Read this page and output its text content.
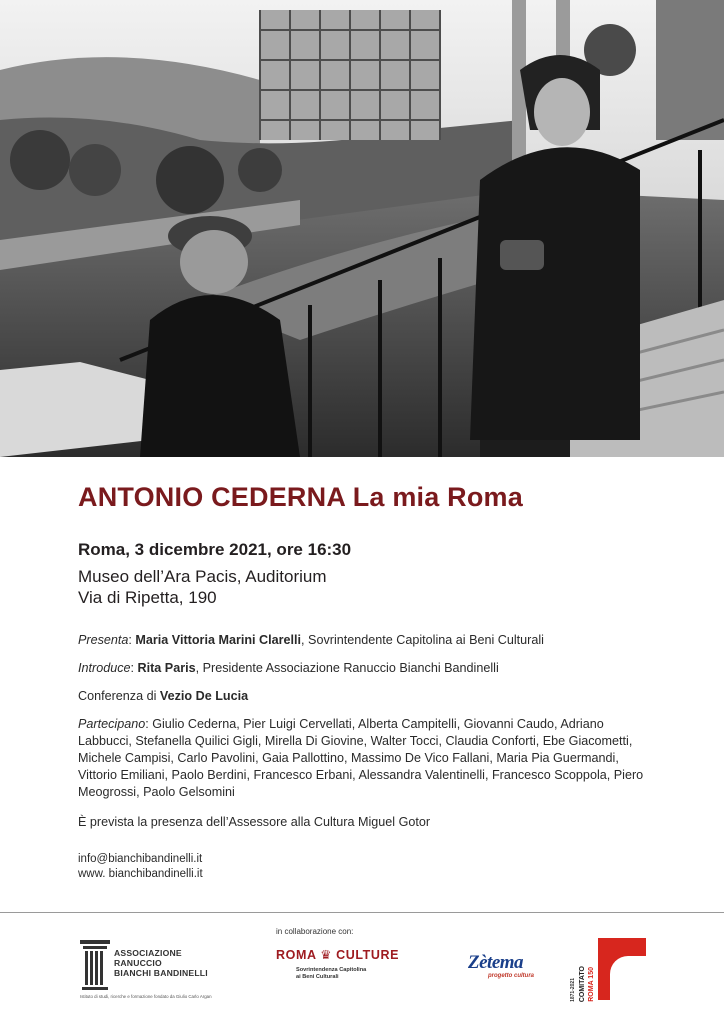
ANTONIO CEDERNA La mia Roma
Roma, 3 dicembre 2021, ore 16:30
Museo dell’Ara Pacis, Auditorium
Via di Ripetta, 190
Presenta: Maria Vittoria Marini Clarelli, Sovrintendente Capitolina ai Beni Culturali
Introduce: Rita Paris, Presidente Associazione Ranuccio Bianchi Bandinelli
Conferenza di Vezio De Lucia
Partecipano: Giulio Cederna, Pier Luigi Cervellati, Alberta Campitelli, Giovanni Caudo, Adriano Labbucci, Stefanella Quilici Gigli, Mirella Di Giovine, Walter Tocci, Claudia Conforti, Ebe Giacometti, Michele Campisi, Carlo Pavolini, Gaia Pallottino, Massimo De Vico Fallani, Maria Pia Guermandi, Vittorio Emiliani, Paolo Berdini, Francesco Erbani, Alessandra Valentinelli, Francesco Scoppola, Piero Meogrossi, Paolo Gelsomini
È prevista la presenza dell’Assessore alla Cultura Miguel Gotor
info@bianchibandinelli.it
www. bianchibandinelli.it
in collaborazione con:
ASSOCIAZIONE
RANUCCIO
BIANCHI BANDINELLI
Istituto di studi, ricerche e formazione fondato da Giulio Carlo Argan
ROMA ♛ CULTURE
Sovrintendenza Capitolina
ai Beni Culturali
Zètema
progetto cultura	COMITATO ROMA 150
1871-2021
